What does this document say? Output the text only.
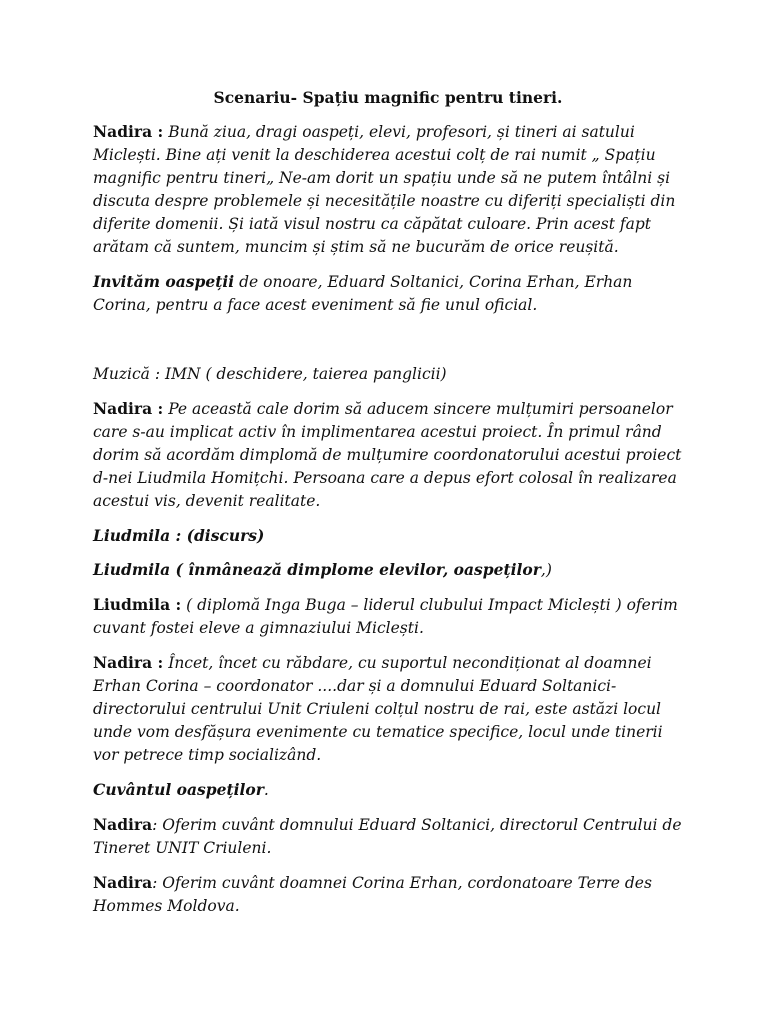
Scenariu- Spațiu magnific pentru tineri.

Nadira : Bună ziua, dragi oaspeți, elevi, profesori, și tineri ai satului Miclești. Bine ați venit la deschiderea acestui colț de rai numit „ Spațiu magnific pentru tineri„ Ne-am dorit un spațiu unde să ne putem întâlni și discuta despre problemele și necesitățile noastre cu diferiți specialiști din diferite domenii. Și iată visul nostru ca căpătat culoare. Prin acest fapt arătam că suntem, muncim și știm să ne bucurăm de orice reușită.

Invităm oaspeții de onoare, Eduard Soltanici, Corina Erhan, Erhan Corina, pentru a face acest eveniment să fie unul oficial.

Muzică : IMN ( deschidere, taierea panglicii)

Nadira : Pe această cale dorim să aducem sincere mulțumiri persoanelor care s-au implicat activ în implimentarea acestui proiect. În primul rând dorim să acordăm dimplomă de mulțumire coordonatorului acestui proiect d-nei Liudmila Homițchi. Persoana care a depus efort colosal în realizarea acestui vis, devenit realitate.

Liudmila : (discurs)

Liudmila ( înmânează dimplome elevilor, oaspeților,)

Liudmila : ( diplomă Inga Buga – liderul clubului Impact Miclești ) oferim cuvant fostei eleve a gimnaziului Miclești.

Nadira : Încet, încet cu răbdare, cu suportul necondiționat al doamnei Erhan Corina – coordonator ....dar și a domnului Eduard Soltanici- directorului centrului Unit Criuleni colțul nostru de rai, este astăzi locul unde vom desfășura evenimente cu tematice specifice, locul unde tinerii vor petrece timp socializând.

Cuvântul oaspeților.

Nadira: Oferim cuvânt domnului Eduard Soltanici, directorul Centrului de Tineret UNIT Criuleni.

Nadira: Oferim cuvânt doamnei Corina Erhan, cordonatoare Terre des Hommes Moldova.
